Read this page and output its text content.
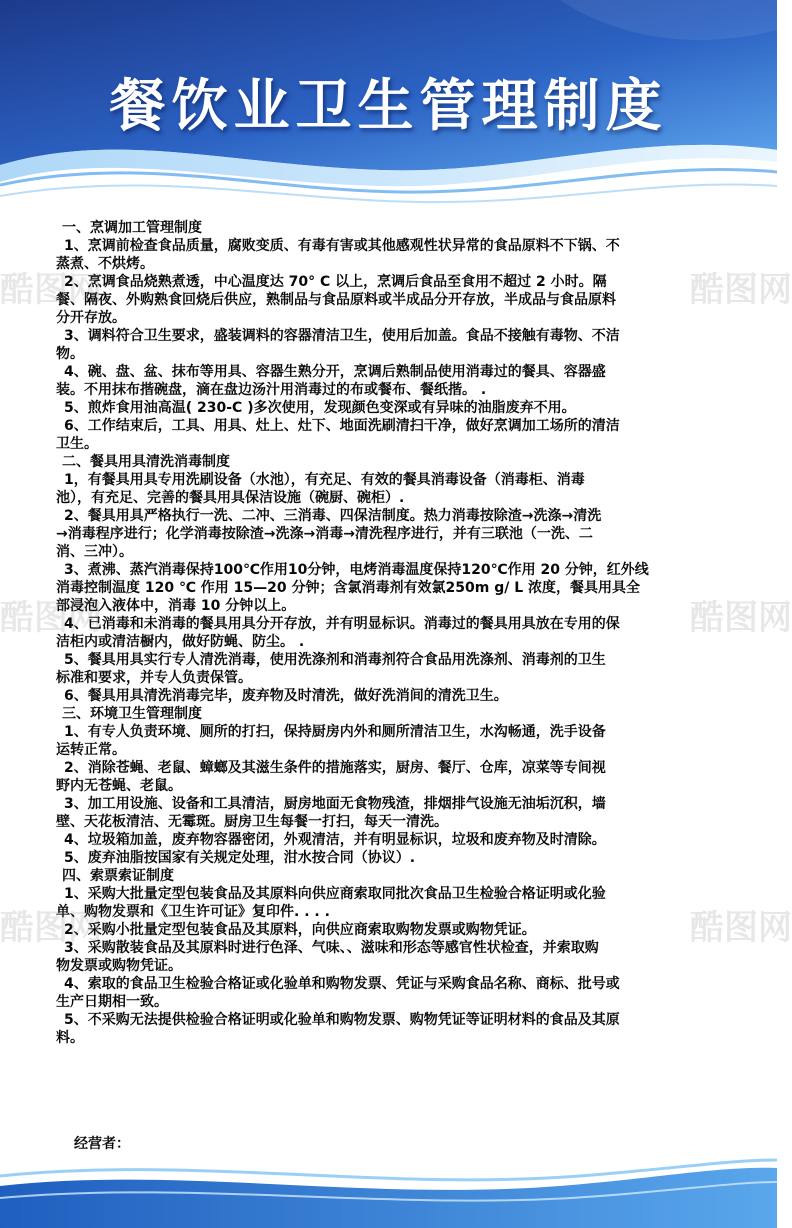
餐饮业卫生管理制度
一、烹调加工管理制度
1、烹调前检查食品质量，腐败变质、有毒有害或其他感观性状异常的食品原料不下锅、不
蒸煮、不烘烤。
2、烹调食品烧熟煮透，中心温度达 70° C 以上，烹调后食品至食用不超过 2 小时。隔
餐、隔夜、外购熟食回烧后供应，熟制品与食品原料或半成品分开存放，半成品与食品原料
分开存放。
3、调料符合卫生要求，盛装调料的容器清洁卫生，使用后加盖。食品不接触有毒物、不洁
物。
4、碗、盘、盆、抹布等用具、容器生熟分开，烹调后熟制品使用消毒过的餐具、容器盛
装。不用抹布揩碗盘，滴在盘边汤汁用消毒过的布或餐布、餐纸揩。 .
5、煎炸食用油高温( 230-C )多次使用，发现颜色变深或有异味的油脂废弃不用。
6、工作结束后，工具、用具、灶上、灶下、地面洗刷清扫干净，做好烹调加工场所的清洁
卫生。
二、餐具用具清洗消毒制度
1，有餐具用具专用洗刷设备（水池），有充足、有效的餐具消毒设备（消毒柜、消毒
池），有充足、完善的餐具用具保洁设施（碗厨、碗柜）.
2、餐具用具严格执行一洗、二冲、三消毒、四保洁制度。热力消毒按除渣→洗涤→清洗
→消毒程序进行；化学消毒按除渣→洗涤→消毒→清洗程序进行，并有三联池（一洗、二
消、三冲）。
3、煮沸、蒸汽消毒保持100℃作用10分钟，电烤消毒温度保持120℃作用 20 分钟，红外线
消毒控制温度 120 ℃ 作用 15—20 分钟；含氯消毒剂有效氯250m g/ L 浓度，餐具用具全
部浸泡入液体中，消毒 10 分钟以上。
4、已消毒和未消毒的餐具用具分开存放，并有明显标识。消毒过的餐具用具放在专用的保
洁柜内或清洁橱内，做好防蝇、防尘。 .
5、餐具用具实行专人清洗消毒，使用洗涤剂和消毒剂符合食品用洗涤剂、消毒剂的卫生
标准和要求，并专人负责保管。
6、餐具用具清洗消毒完毕，废弃物及时清洗，做好洗消间的清洗卫生。
三、环境卫生管理制度
1、有专人负责环境、厕所的打扫，保持厨房内外和厕所清洁卫生，水沟畅通，洗手设备
运转正常。
2、消除苍蝇、老鼠、蟑螂及其滋生条件的措施落实，厨房、餐厅、仓库，凉菜等专间视
野内无苍蝇、老鼠。
3、加工用设施、设备和工具清洁，厨房地面无食物残渣，排烟排气设施无油垢沉积，墙
壁、天花板清洁、无霉斑。厨房卫生每餐一打扫，每天一清洗。
4、垃圾箱加盖，废弃物容器密闭，外观清洁，并有明显标识，垃圾和废弃物及时清除。
5、废弃油脂按国家有关规定处理，泔水按合同（协议）.
四、索票索证制度
1、采购大批量定型包装食品及其原料向供应商索取同批次食品卫生检验合格证明或化验
单、购物发票和《卫生许可证》复印件. . . .
2、采购小批量定型包装食品及其原料，向供应商索取购物发票或购物凭证。
3、采购散装食品及其原料时进行色泽、气味、、滋味和形态等感官性状检查，并索取购
物发票或购物凭证。
4、索取的食品卫生检验合格证或化验单和购物发票、凭证与采购食品名称、商标、批号或
生产日期相一致。
5、不采购无法提供检验合格证明或化验单和购物发票、购物凭证等证明材料的食品及其原
料。
经营者：
酷图网	酷图网
酷图网	酷图网
酷图网	酷图网
